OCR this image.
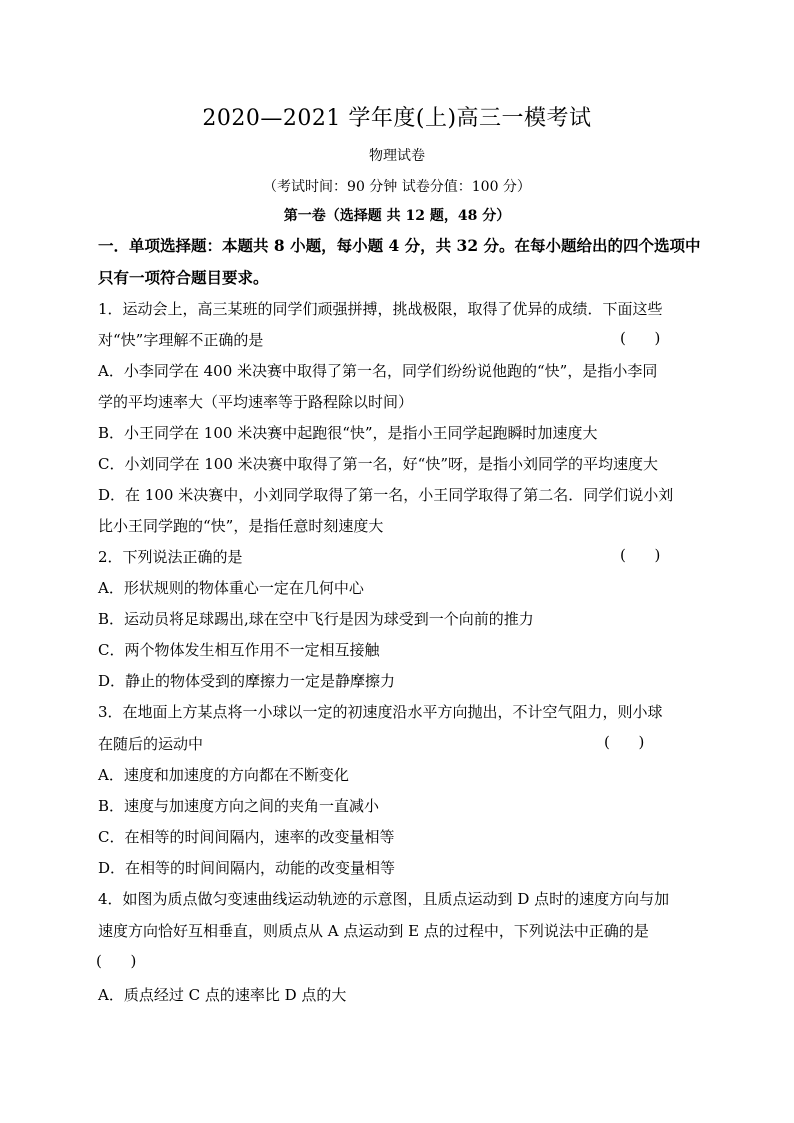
2020—2021 学年度(上)高三一模考试
物理试卷
（考试时间：90 分钟 试卷分值：100 分）
第一卷（选择题 共 12 题，48 分）
一．单项选择题：本题共 8 小题，每小题 4 分，共 32 分。在每小题给出的四个选项中
只有一项符合题目要求。
1．运动会上，高三某班的同学们顽强拼搏，挑战极限，取得了优异的成绩．下面这些
对“快”字理解不正确的是	(      )
A．小李同学在 400 米决赛中取得了第一名，同学们纷纷说他跑的“快”，是指小李同
学的平均速率大（平均速率等于路程除以时间）
B．小王同学在 100 米决赛中起跑很“快”，是指小王同学起跑瞬时加速度大
C．小刘同学在 100 米决赛中取得了第一名，好“快”呀，是指小刘同学的平均速度大
D．在 100 米决赛中，小刘同学取得了第一名，小王同学取得了第二名．同学们说小刘
比小王同学跑的“快”，是指任意时刻速度大
2．下列说法正确的是	(      )
A．形状规则的物体重心一定在几何中心
B．运动员将足球踢出,球在空中飞行是因为球受到一个向前的推力
C．两个物体发生相互作用不一定相互接触
D．静止的物体受到的摩擦力一定是静摩擦力
3．在地面上方某点将一小球以一定的初速度沿水平方向抛出，不计空气阻力，则小球
在随后的运动中	(      )
A．速度和加速度的方向都在不断变化
B．速度与加速度方向之间的夹角一直减小
C．在相等的时间间隔内，速率的改变量相等
D．在相等的时间间隔内，动能的改变量相等
4．如图为质点做匀变速曲线运动轨迹的示意图，且质点运动到 D 点时的速度方向与加
速度方向恰好互相垂直，则质点从 A 点运动到 E 点的过程中，下列说法中正确的是
(      )
A．质点经过 C 点的速率比 D 点的大
